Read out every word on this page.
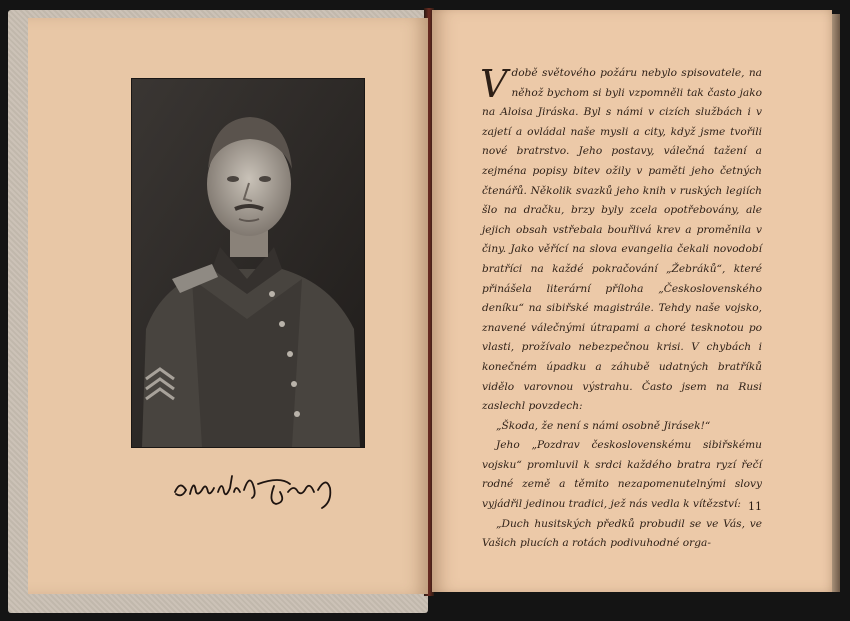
Vdobě světového požáru nebylo spisovatele, na něhož bychom si byli vzpomněli tak často jako na Aloisa Jiráska. Byl s námi v cizích službách i v zajetí a ovládal naše mysli a city, když jsme tvořili nové bratrstvo. Jeho postavy, válečná tažení a zejména popisy bitev ožily v paměti jeho četných čtenářů. Několik svazků jeho knih v ruských legiích šlo na dračku, brzy byly zcela opotřebovány, ale jejich obsah vstřebala bouřlivá krev a proměnila v činy. Jako věřící na slova evangelia čekali novodobí bratříci na každé pokračování „Žebráků“, které přinášela literární příloha „Československého deníku“ na sibiřské magistrále. Tehdy naše vojsko, znavené válečnými útrapami a choré tesknotou po vlasti, prožívalo nebezpečnou krisi. V chybách i konečném úpadku a záhubě udatných bratříků vidělo varovnou výstrahu. Často jsem na Rusi zaslechl povzdech:

„Škoda, že není s námi osobně Jirásek!“

Jeho „Pozdrav československému sibiřskému vojsku“ promluvil k srdci každého bratra ryzí řečí rodné země a těmito nezapomenutelnými slovy vyjádřil jedinou tradici, jež nás vedla k vítězství:

„Duch husitských předků probudil se ve Vás, ve Vašich plucích a rotách podivuhodné orga-

11
